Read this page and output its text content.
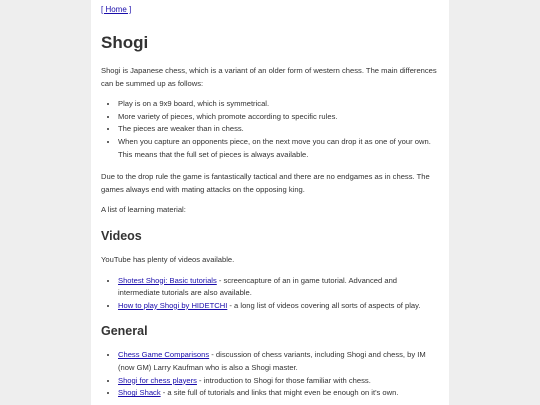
[ Home ]
Shogi

Shogi is Japanese chess, which is a variant of an older form of western chess. The main differences can be summed up as follows:

• Play is on a 9x9 board, which is symmetrical.
• More variety of pieces, which promote according to specific rules.
• The pieces are weaker than in chess.
• When you capture an opponents piece, on the next move you can drop it as one of your own. This means that the full set of pieces is always available.

Due to the drop rule the game is fantastically tactical and there are no endgames as in chess. The games always end with mating attacks on the opposing king.

A list of learning material:

Videos

YouTube has plenty of videos available.

• Shotest Shogi: Basic tutorials - screencapture of an in game tutorial. Advanced and intermediate tutorials are also available.
• How to play Shogi by HIDETCHI - a long list of videos covering all sorts of aspects of play.
General
• Chess Game Comparisons - discussion of chess variants, including Shogi and chess, by IM (now GM) Larry Kaufman who is also a Shogi master.
• Shogi for chess players - introduction to Shogi for those familiar with chess.
• Shogi Shack - a site full of tutorials and links that might even be enough on it's own.
